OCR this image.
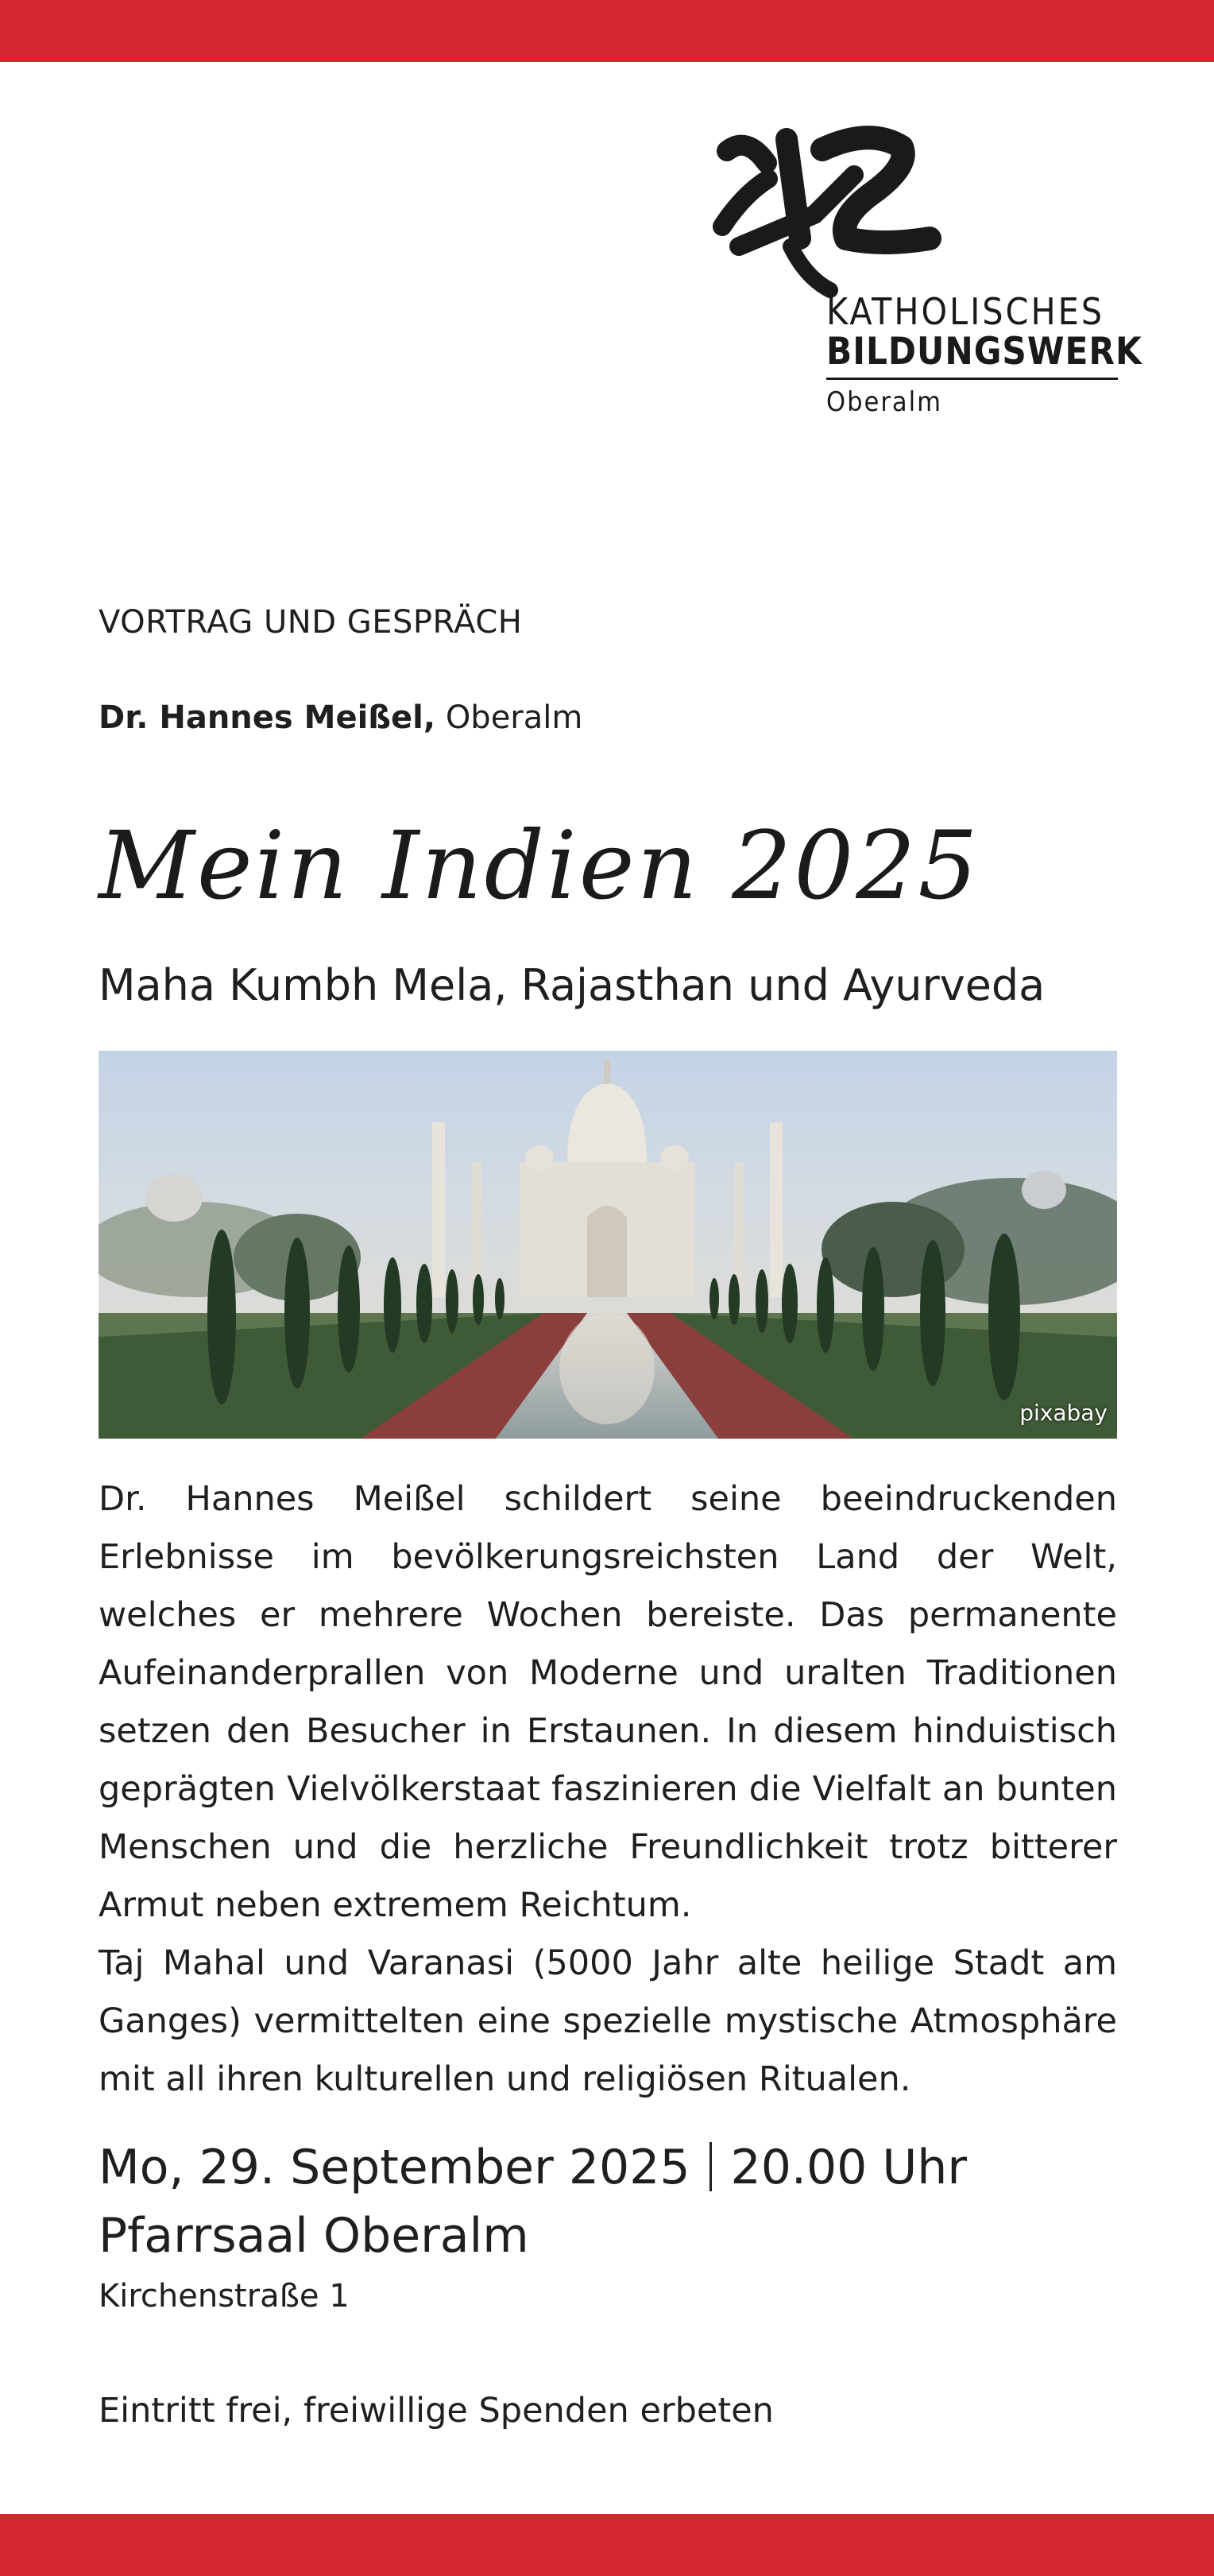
KATHOLISCHES
BILDUNGSWERK
Oberalm
VORTRAG UND GESPRÄCH
Dr. Hannes Meißel, Oberalm
Mein Indien 2025
Maha Kumbh Mela, Rajasthan und Ayurveda
pixabay

Dr. Hannes Meißel schildert seine beeindruckenden Erlebnisse im bevölkerungsreichsten Land der Welt, welches er mehrere Wochen bereiste. Das permanente Aufeinanderprallen von Moderne und uralten Traditionen setzen den Besucher in Erstaunen. In diesem hinduistisch geprägten Vielvölkerstaat faszinieren die Vielfalt an bunten Menschen und die herzliche Freundlichkeit trotz bitterer Armut neben extremem Reichtum.

Taj Mahal und Varanasi (5000 Jahr alte heilige Stadt am Ganges) vermittelten eine spezielle mystische Atmosphäre mit all ihren kulturellen und religiösen Ritualen.

Mo, 29. September 2025 20.00 Uhr
Pfarrsaal Oberalm
Kirchenstraße 1
Eintritt frei, freiwillige Spenden erbeten
